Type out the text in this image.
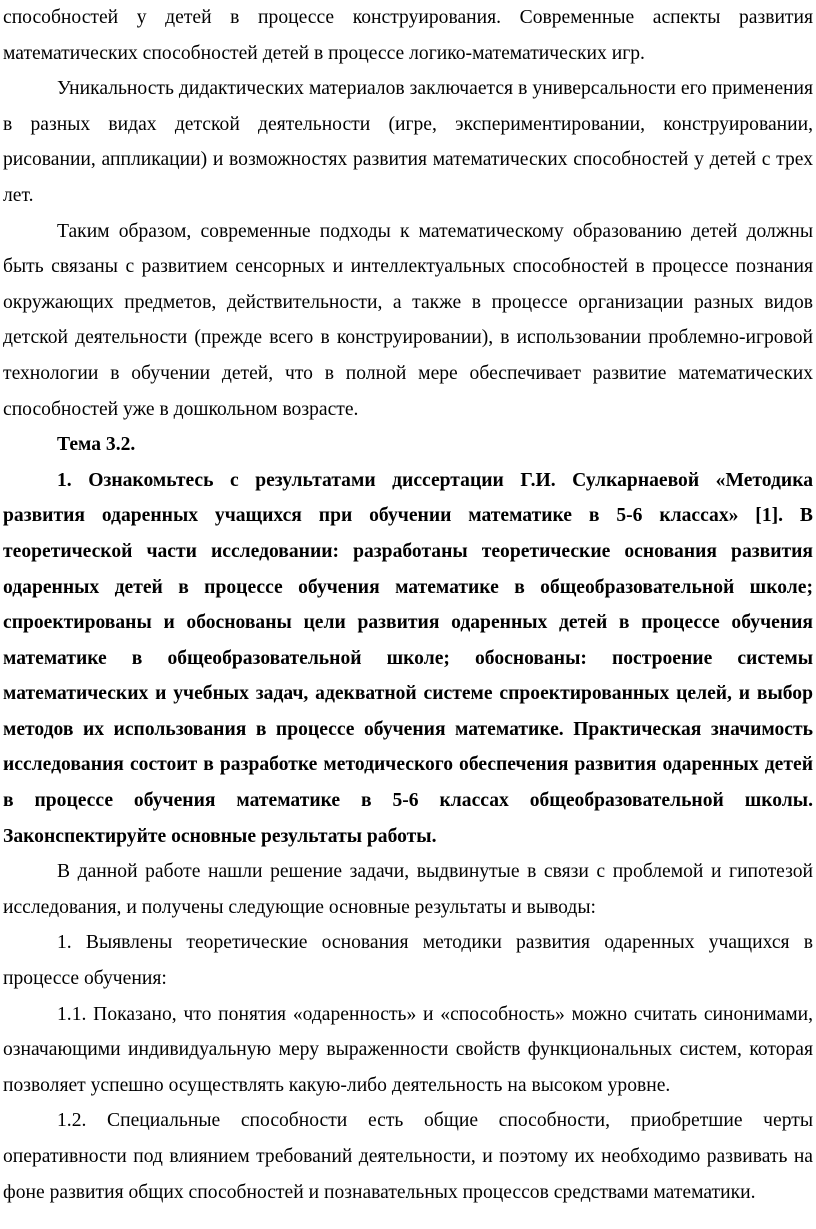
способностей у детей в процессе конструирования. Современные аспекты развития математических способностей детей в процессе логико-математических игр.

Уникальность дидактических материалов заключается в универсальности его применения в разных видах детской деятельности (игре, экспериментировании, конструировании, рисовании, аппликации) и возможностях развития математических способностей у детей с трех лет.

Таким образом, современные подходы к математическому образованию детей должны быть связаны с развитием сенсорных и интеллектуальных способностей в процессе познания окружающих предметов, действительности, а также в процессе организации разных видов детской деятельности (прежде всего в конструировании), в использовании проблемно-игровой технологии в обучении детей, что в полной мере обеспечивает развитие математических способностей уже в дошкольном возрасте.

Тема 3.2.

1. Ознакомьтесь с результатами диссертации Г.И. Сулкарнаевой «Методика развития одаренных учащихся при обучении математике в 5-6 классах» [1]. В теоретической части исследовании: разработаны теоретические основания развития одаренных детей в процессе обучения математике в общеобразовательной школе; спроектированы и обоснованы цели развития одаренных детей в процессе обучения математике в общеобразовательной школе; обоснованы: построение системы математических и учебных задач, адекватной системе спроектированных целей, и выбор методов их использования в процессе обучения математике. Практическая значимость исследования состоит в разработке методического обеспечения развития одаренных детей в процессе обучения математике в 5-6 классах общеобразовательной школы. Законспектируйте основные результаты работы.

В данной работе нашли решение задачи, выдвинутые в связи с проблемой и гипотезой исследования, и получены следующие основные результаты и выводы:

1. Выявлены теоретические основания методики развития одаренных учащихся в процессе обучения:

1.1. Показано, что понятия «одаренность» и «способность» можно считать синонимами, означающими индивидуальную меру выраженности свойств функциональных систем, которая позволяет успешно осуществлять какую-либо деятельность на высоком уровне.

1.2. Специальные способности есть общие способности, приобретшие черты оперативности под влиянием требований деятельности, и поэтому их необходимо развивать на фоне развития общих способностей и познавательных процессов средствами математики.
